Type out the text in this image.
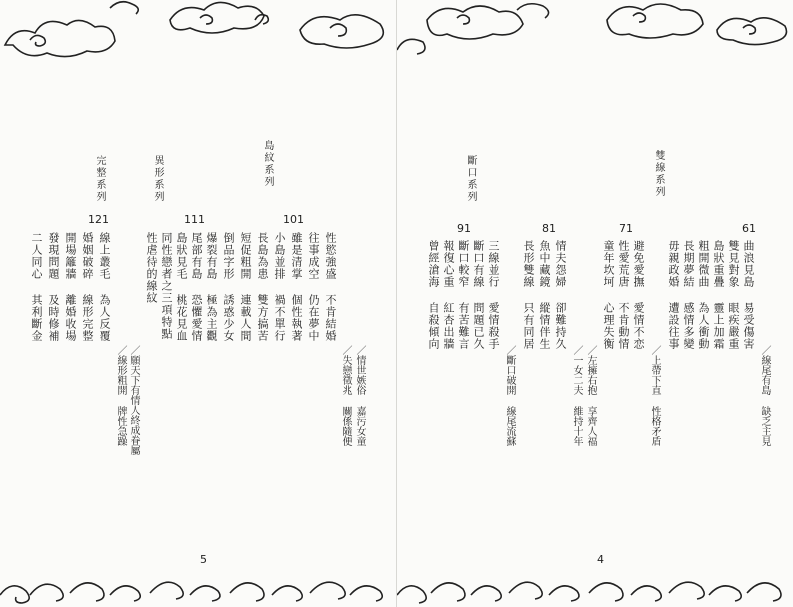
完整系列
121
二人同心 其利斷金 發現問題 及時修補 開場籬牆 離婚收場 婚姻破碎 線形完整 線上叢毛 為人反覆
／線形粗開 牌性急躁 ／願天下有情人終成眷屬
異形系列
111
性虐待的線紋 同性戀者之三項特點 島狀見毛 桃花見血 尾部有島 恐懼愛情 爆裂有島 極為主觀
島紋系列
101
倒品字形 誘惑少女 短促粗開 連載人間 長島為患 雙方搞苦 小島並排 禍不單行 雖是清掌 個性執著 往事成空 仍在夢中 性慾強盛 不肯結婚
／失戀徵兆 關係隨便 ／情世嫉俗 嘉污女童
5
斷口系列
91
曾經滄海 自殺傾向 報復心重 紅杏出牆 斷口較窄 有苦難言 斷口有線 問題已久 三線並行 愛情殺手
／斷口破開 線尾流蘇
81
長形雙線 只有同居 魚中藏鏡 縱情伴生 情夫怨婦 卻難持久
／一女二夫 維持十年 ／左擁右抱 享齊人福
71
童年坎坷 心理失衡 性愛荒唐 不肯動情 避免愛撫 愛情不恋
／上帶下直 性格矛盾
雙線系列
61
毋親政婚 遭設往事 長期夢結 感情多變 粗開微曲 為人衝動 島狀重疊 靈上加霜 雙見對象 眼疾嚴重 曲浪見島 易受傷害
／線尾有島 缺乏主見
4
